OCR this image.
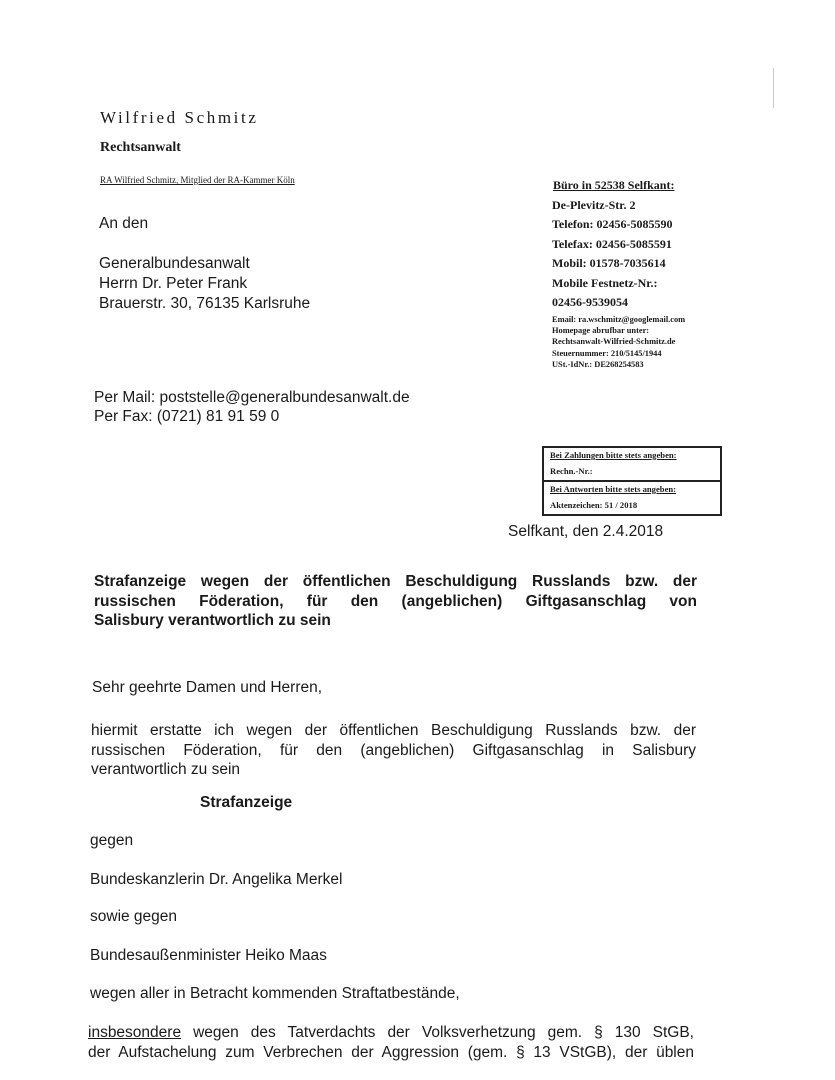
Wilfried Schmitz
Rechtsanwalt
RA Wilfried Schmitz, Mitglied der RA-Kammer Köln
An den
Generalbundesanwalt
Herrn Dr. Peter Frank
Brauerstr. 30, 76135 Karlsruhe
Büro in 52538 Selfkant:
De-Plevitz-Str. 2
Telefon: 02456-5085590
Telefax: 02456-5085591
Mobil: 01578-7035614
Mobile Festnetz-Nr.:
02456-9539054
Email: ra.wschmitz@googlemail.com
Homepage abrufbar unter:
Rechtsanwalt-Wilfried-Schmitz.de
Steuernummer: 210/5145/1944
USt.-IdNr.: DE268254583
Per Mail: poststelle@generalbundesanwalt.de
Per Fax: (0721) 81 91 59 0
Bei Zahlungen bitte stets angeben:
Rechn.-Nr.:
Bei Antworten bitte stets angeben:
Aktenzeichen: 51 / 2018
Selfkant, den 2.4.2018
Strafanzeige wegen der öffentlichen Beschuldigung Russlands bzw. der
russischen Föderation, für den (angeblichen) Giftgasanschlag von
Salisbury verantwortlich zu sein
Sehr geehrte Damen und Herren,
hiermit erstatte ich wegen der öffentlichen Beschuldigung Russlands bzw. der
russischen Föderation, für den (angeblichen) Giftgasanschlag in Salisbury
verantwortlich zu sein
Strafanzeige
gegen
Bundeskanzlerin Dr. Angelika Merkel
sowie gegen
Bundesaußenminister Heiko Maas
wegen aller in Betracht kommenden Straftatbestände,
insbesondere wegen des Tatverdachts der Volksverhetzung gem. § 130 StGB,
der Aufstachelung zum Verbrechen der Aggression (gem. § 13 VStGB), der üblen
